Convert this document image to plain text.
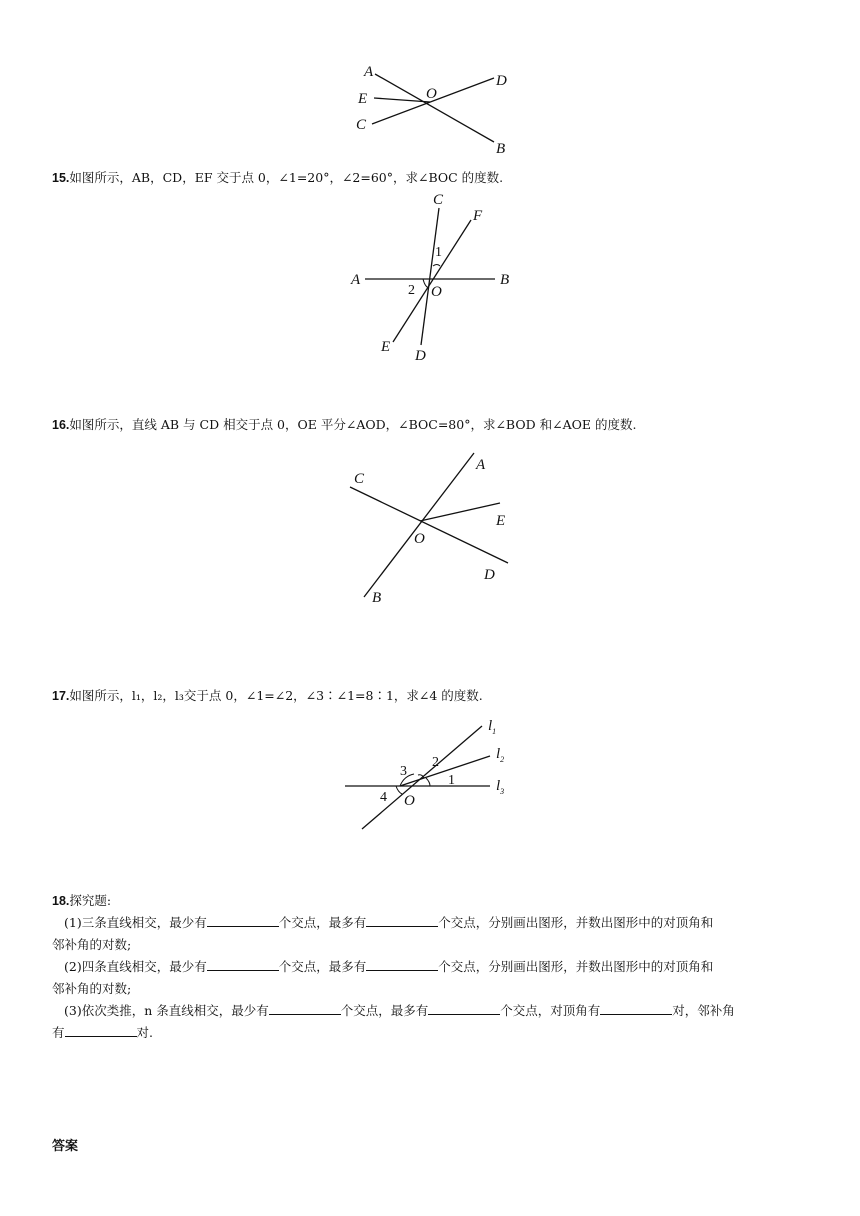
A
E
C
O
D
B
15.如图所示，AB，CD，EF 交于点 0，∠1=20°，∠2=60°，求∠BOC 的度数.
1
2
C
F
A	B
O
E
D
16.如图所示，直线 AB 与 CD 相交于点 0，OE 平分∠AOD，∠BOC=80°，求∠BOD 和∠AOE 的度数.
C
A
E
O
D
B
17.如图所示，l₁，l₂，l₃交于点 0，∠1=∠2，∠3∶∠1=8∶1，求∠4 的度数.
1
2
3
4 O
$l_1$
$l_2$
$l_3$
18.探究题:
(1)三条直线相交，最少有	个交点，最多有	个交点，分别画出图形，并数出图形中的对顶角和
邻补角的对数;
(2)四条直线相交，最少有	个交点，最多有	个交点，分别画出图形，并数出图形中的对顶角和
邻补角的对数;
(3)依次类推，n 条直线相交，最少有	个交点，最多有	个交点，对顶角有	对，邻补角
有	对.
答案
